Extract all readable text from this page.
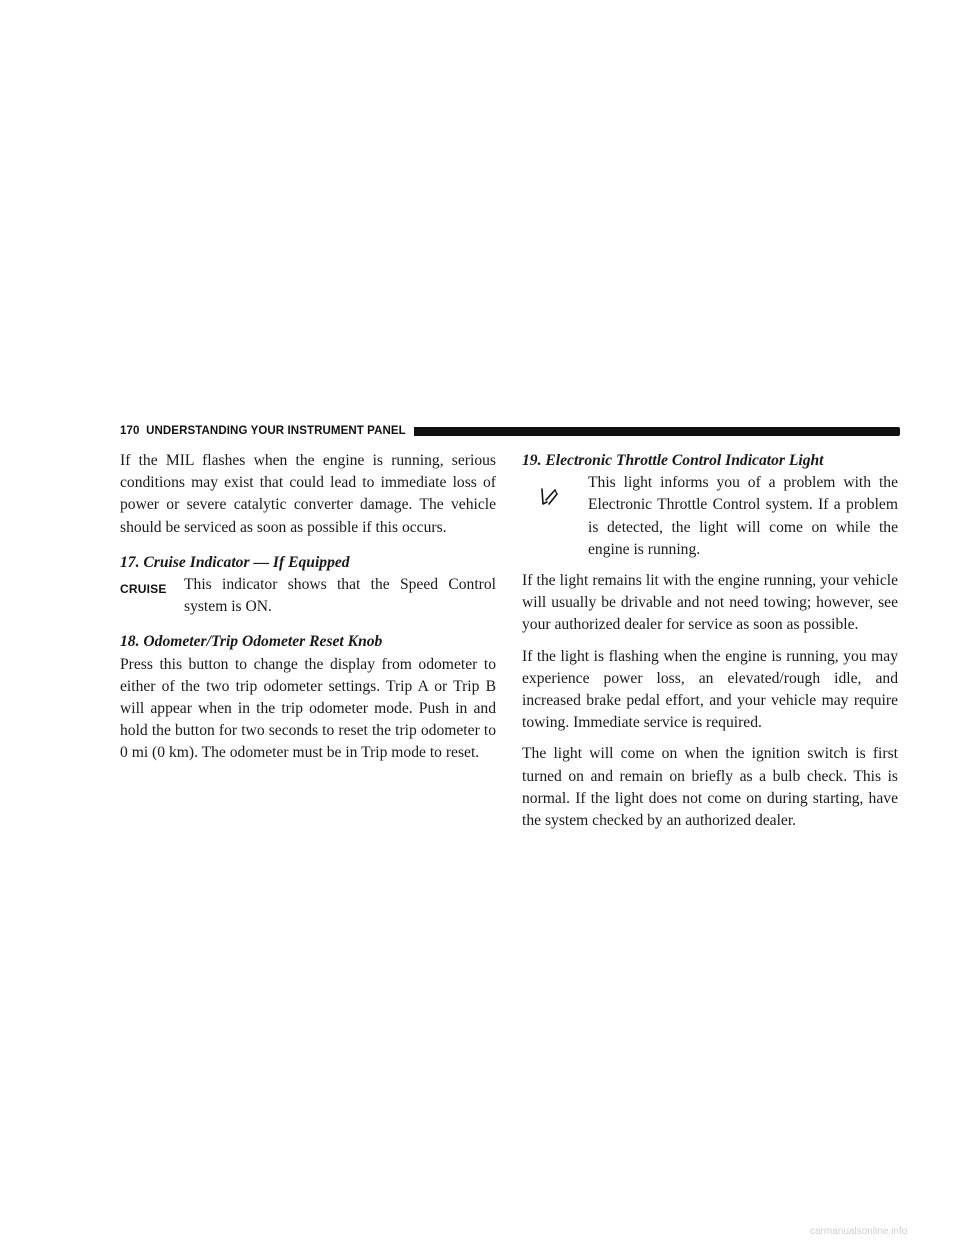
170 UNDERSTANDING YOUR INSTRUMENT PANEL

If the MIL flashes when the engine is running, serious conditions may exist that could lead to immediate loss of power or severe catalytic converter damage. The vehicle should be serviced as soon as possible if this occurs.

17. Cruise Indicator — If Equipped
CRUISE	This indicator shows that the Speed Control system is ON.

18. Odometer/Trip Odometer Reset Knob

Press this button to change the display from odometer to either of the two trip odometer settings. Trip A or Trip B will appear when in the trip odometer mode. Push in and hold the button for two seconds to reset the trip odometer to 0 mi (0 km). The odometer must be in Trip mode to reset.

19. Electronic Throttle Control Indicator Light

This light informs you of a problem with the Electronic Throttle Control system. If a problem is detected, the light will come on while the engine is running.

If the light remains lit with the engine running, your vehicle will usually be drivable and not need towing; however, see your authorized dealer for service as soon as possible.

If the light is flashing when the engine is running, you may experience power loss, an elevated/rough idle, and increased brake pedal effort, and your vehicle may require towing. Immediate service is required.

The light will come on when the ignition switch is first turned on and remain on briefly as a bulb check. This is normal. If the light does not come on during starting, have the system checked by an authorized dealer.

carmanualsonline.info
